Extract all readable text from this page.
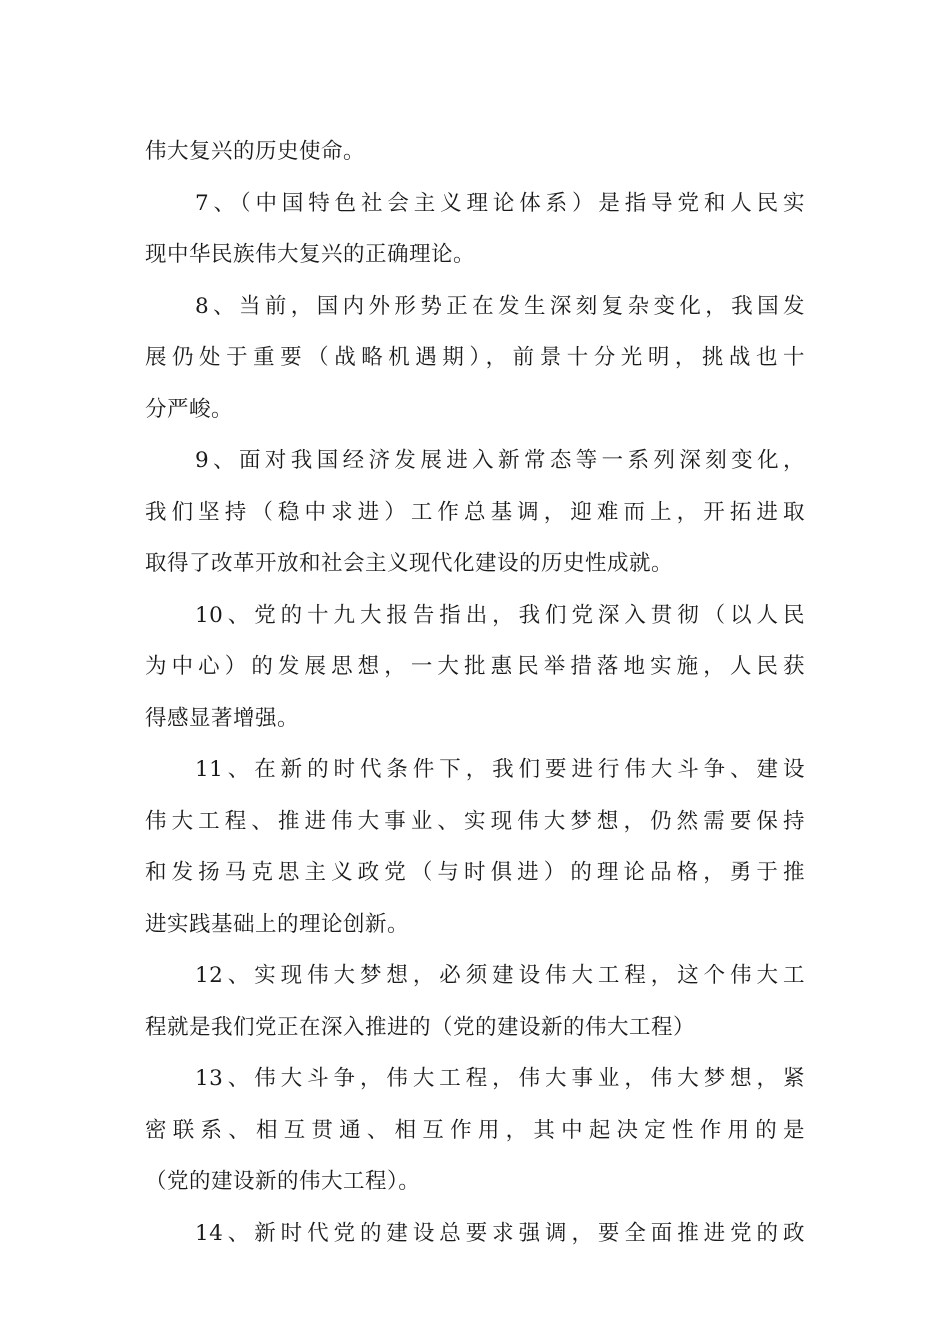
伟大复兴的历史使命。
7、（中国特色社会主义理论体系）是指导党和人民实
现中华民族伟大复兴的正确理论。
8、当前，国内外形势正在发生深刻复杂变化，我国发
展仍处于重要（战略机遇期），前景十分光明，挑战也十
分严峻。
9、面对我国经济发展进入新常态等一系列深刻变化，
我们坚持（稳中求进）工作总基调，迎难而上，开拓进取
取得了改革开放和社会主义现代化建设的历史性成就。
10、党的十九大报告指出，我们党深入贯彻（以人民
为中心）的发展思想，一大批惠民举措落地实施，人民获
得感显著增强。
11、在新的时代条件下，我们要进行伟大斗争、建设
伟大工程、推进伟大事业、实现伟大梦想，仍然需要保持
和发扬马克思主义政党（与时俱进）的理论品格，勇于推
进实践基础上的理论创新。
12、实现伟大梦想，必须建设伟大工程，这个伟大工
程就是我们党正在深入推进的（党的建设新的伟大工程）
13、伟大斗争，伟大工程，伟大事业，伟大梦想，紧
密联系、相互贯通、相互作用，其中起决定性作用的是
（党的建设新的伟大工程）。
14、新时代党的建设总要求强调，要全面推进党的政
